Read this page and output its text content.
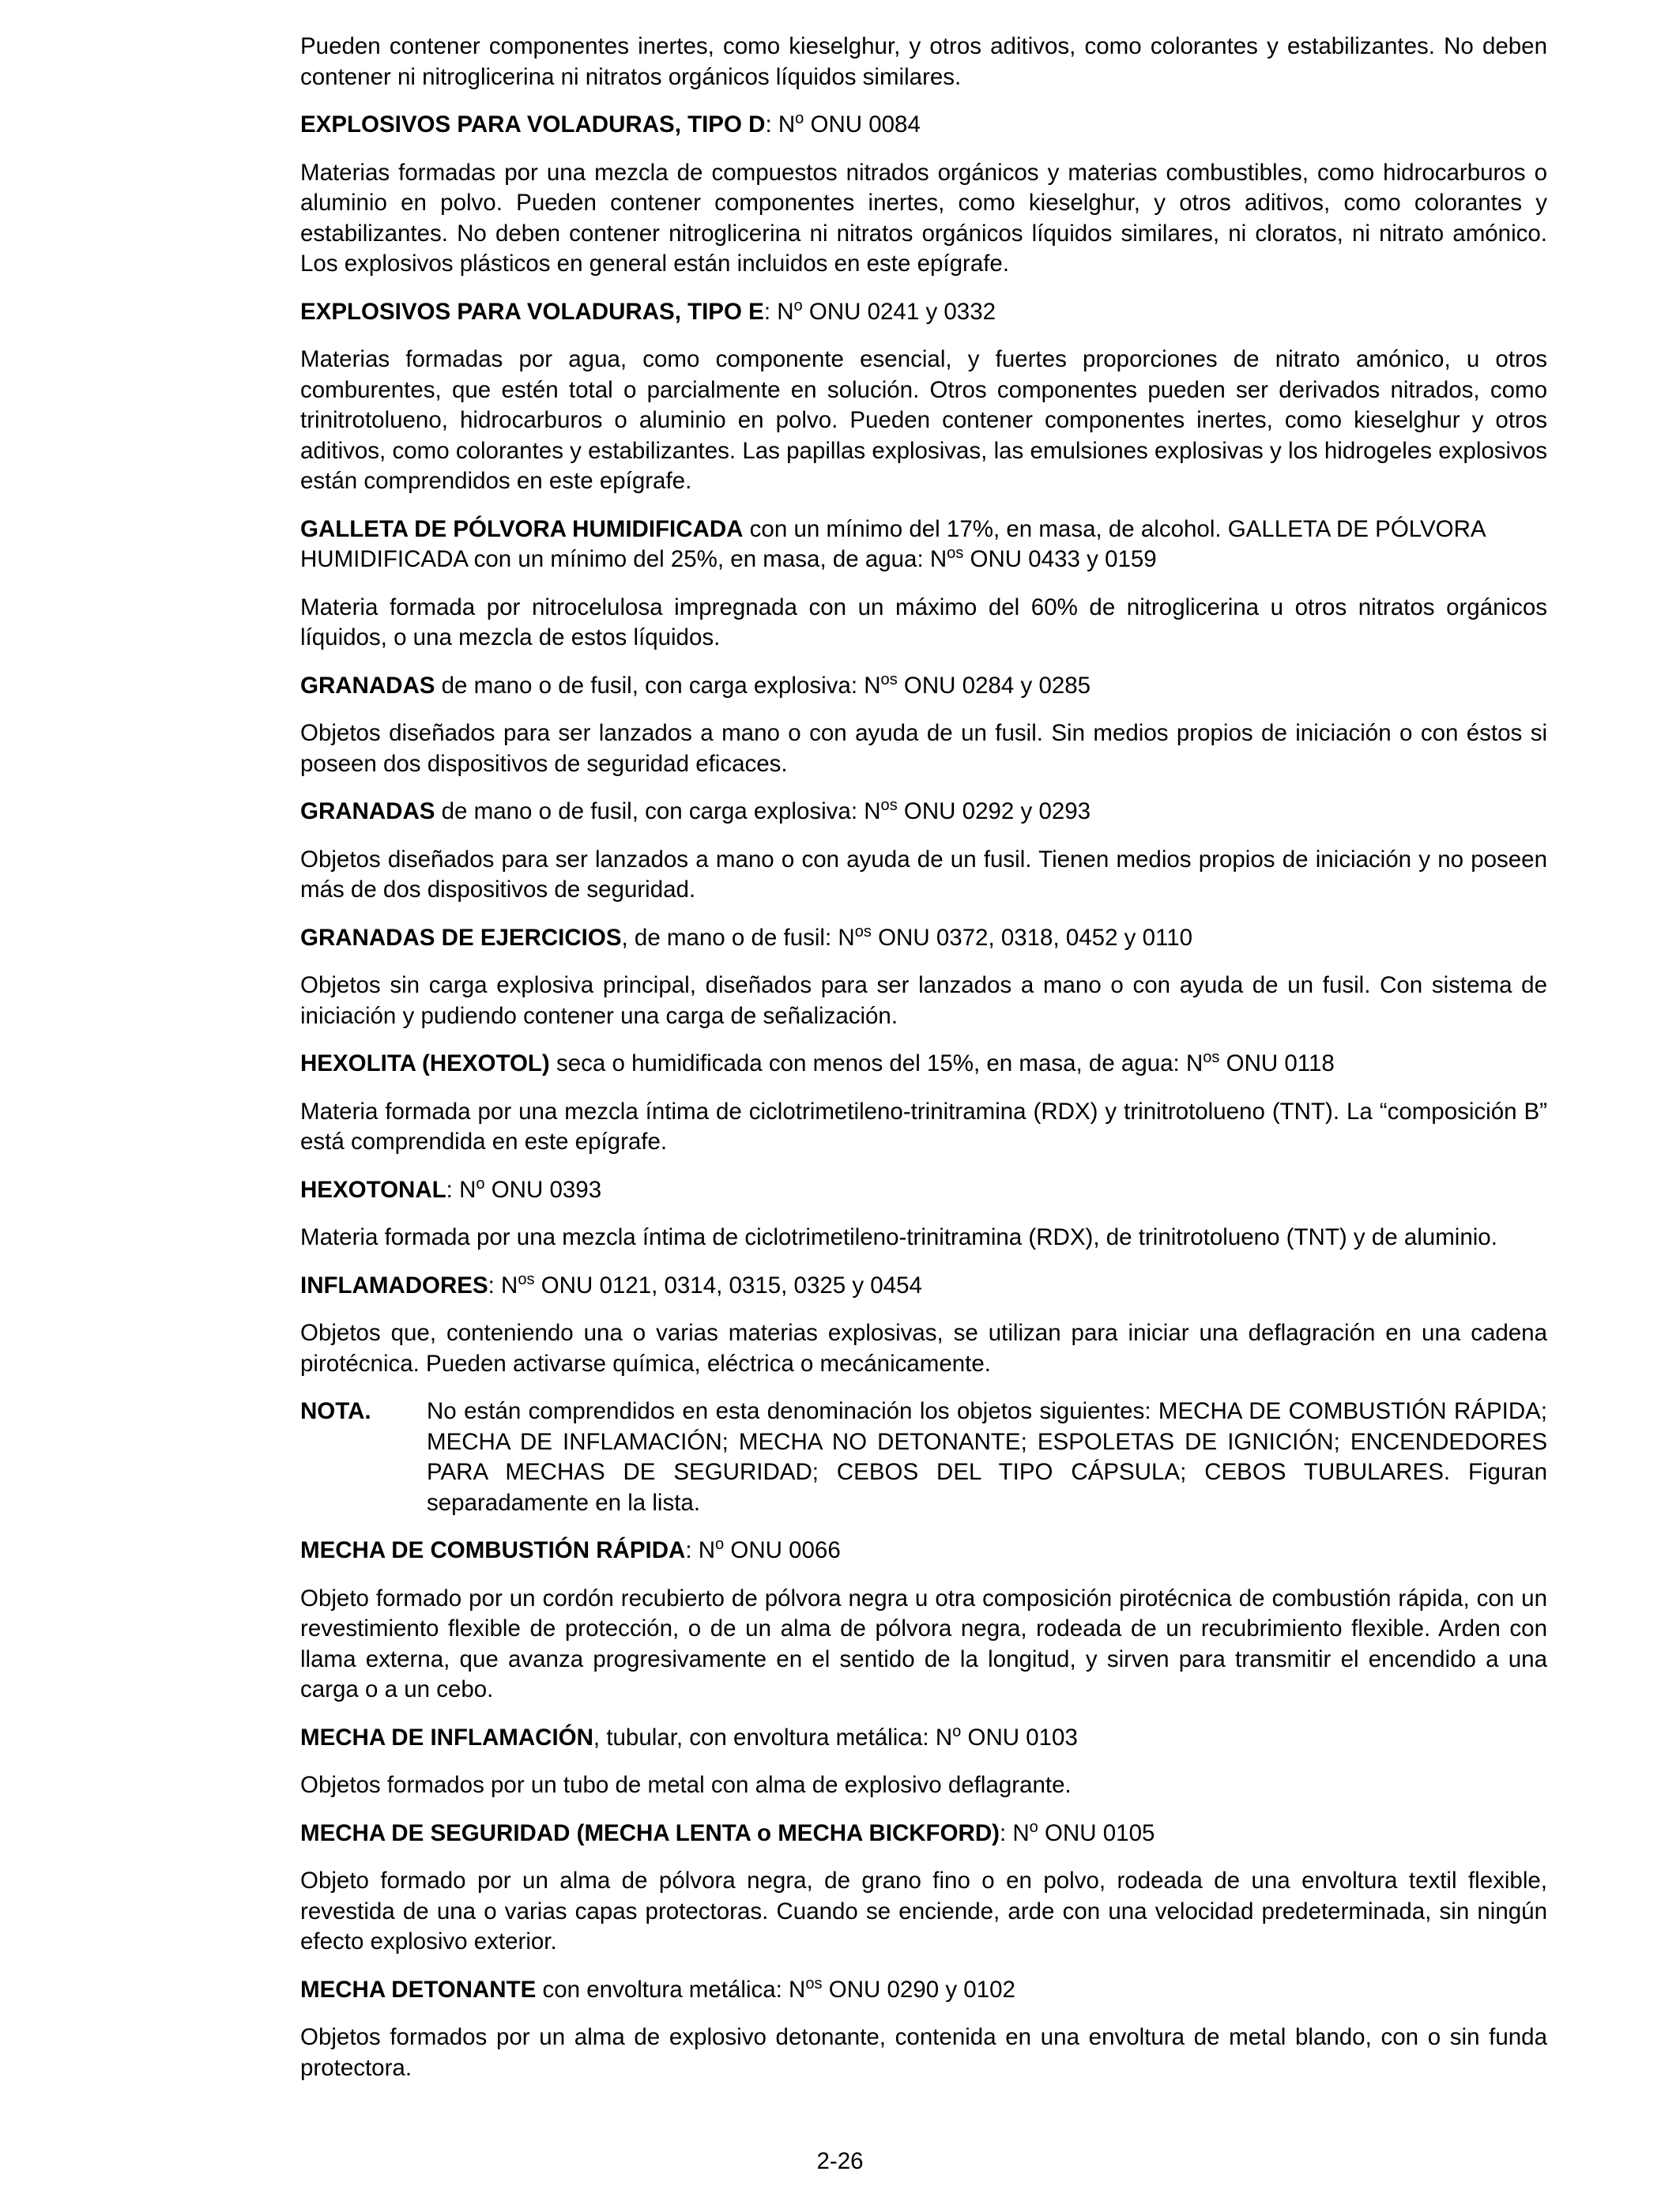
Pueden contener componentes inertes, como kieselghur, y otros aditivos, como colorantes y estabilizantes. No deben contener ni nitroglicerina ni nitratos orgánicos líquidos similares.

EXPLOSIVOS PARA VOLADURAS, TIPO D: $N^o$ ONU 0084

Materias formadas por una mezcla de compuestos nitrados orgánicos y materias combustibles, como hidrocarburos o aluminio en polvo. Pueden contener componentes inertes, como kieselghur, y otros aditivos, como colorantes y estabilizantes. No deben contener nitroglicerina ni nitratos orgánicos líquidos similares, ni cloratos, ni nitrato amónico. Los explosivos plásticos en general están incluidos en este epígrafe.

EXPLOSIVOS PARA VOLADURAS, TIPO E: $N^o$ ONU 0241 y 0332

Materias formadas por agua, como componente esencial, y fuertes proporciones de nitrato amónico, u otros comburentes, que estén total o parcialmente en solución. Otros componentes pueden ser derivados nitrados, como trinitrotolueno, hidrocarburos o aluminio en polvo. Pueden contener componentes inertes, como kieselghur y otros aditivos, como colorantes y estabilizantes. Las papillas explosivas, las emulsiones explosivas y los hidrogeles explosivos están comprendidos en este epígrafe.

GALLETA DE PÓLVORA HUMIDIFICADA con un mínimo del 17%, en masa, de alcohol. GALLETA DE PÓLVORA HUMIDIFICADA con un mínimo del 25%, en masa, de agua: $N^{os}$ ONU 0433 y 0159

Materia formada por nitrocelulosa impregnada con un máximo del 60% de nitroglicerina u otros nitratos orgánicos líquidos, o una mezcla de estos líquidos.

GRANADAS de mano o de fusil, con carga explosiva: $N^{os}$ ONU 0284 y 0285

Objetos diseñados para ser lanzados a mano o con ayuda de un fusil. Sin medios propios de iniciación o con éstos si poseen dos dispositivos de seguridad eficaces.

GRANADAS de mano o de fusil, con carga explosiva: $N^{os}$ ONU 0292 y 0293

Objetos diseñados para ser lanzados a mano o con ayuda de un fusil. Tienen medios propios de iniciación y no poseen más de dos dispositivos de seguridad.

GRANADAS DE EJERCICIOS, de mano o de fusil: $N^{os}$ ONU 0372, 0318, 0452 y 0110

Objetos sin carga explosiva principal, diseñados para ser lanzados a mano o con ayuda de un fusil. Con sistema de iniciación y pudiendo contener una carga de señalización.

HEXOLITA (HEXOTOL) seca o humidificada con menos del 15%, en masa, de agua: $N^{os}$ ONU 0118

Materia formada por una mezcla íntima de ciclotrimetileno-trinitramina (RDX) y trinitrotolueno (TNT). La “composición B” está comprendida en este epígrafe.

HEXOTONAL: $N^o$ ONU 0393

Materia formada por una mezcla íntima de ciclotrimetileno-trinitramina (RDX), de trinitrotolueno (TNT) y de aluminio.

INFLAMADORES: $N^{os}$ ONU 0121, 0314, 0315, 0325 y 0454

Objetos que, conteniendo una o varias materias explosivas, se utilizan para iniciar una deflagración en una cadena pirotécnica. Pueden activarse química, eléctrica o mecánicamente.

NOTA.	No están comprendidos en esta denominación los objetos siguientes: MECHA DE COMBUSTIÓN RÁPIDA; MECHA DE INFLAMACIÓN; MECHA NO DETONANTE; ESPOLETAS DE IGNICIÓN; ENCENDEDORES PARA MECHAS DE SEGURIDAD; CEBOS DEL TIPO CÁPSULA; CEBOS TUBULARES. Figuran separadamente en la lista.

MECHA DE COMBUSTIÓN RÁPIDA: $N^o$ ONU 0066

Objeto formado por un cordón recubierto de pólvora negra u otra composición pirotécnica de combustión rápida, con un revestimiento flexible de protección, o de un alma de pólvora negra, rodeada de un recubrimiento flexible. Arden con llama externa, que avanza progresivamente en el sentido de la longitud, y sirven para transmitir el encendido a una carga o a un cebo.

MECHA DE INFLAMACIÓN, tubular, con envoltura metálica: $N^o$ ONU 0103

Objetos formados por un tubo de metal con alma de explosivo deflagrante.

MECHA DE SEGURIDAD (MECHA LENTA o MECHA BICKFORD): $N^o$ ONU 0105

Objeto formado por un alma de pólvora negra, de grano fino o en polvo, rodeada de una envoltura textil flexible, revestida de una o varias capas protectoras. Cuando se enciende, arde con una velocidad predeterminada, sin ningún efecto explosivo exterior.

MECHA DETONANTE con envoltura metálica: $N^{os}$ ONU 0290 y 0102

Objetos formados por un alma de explosivo detonante, contenida en una envoltura de metal blando, con o sin funda protectora.

2-26
